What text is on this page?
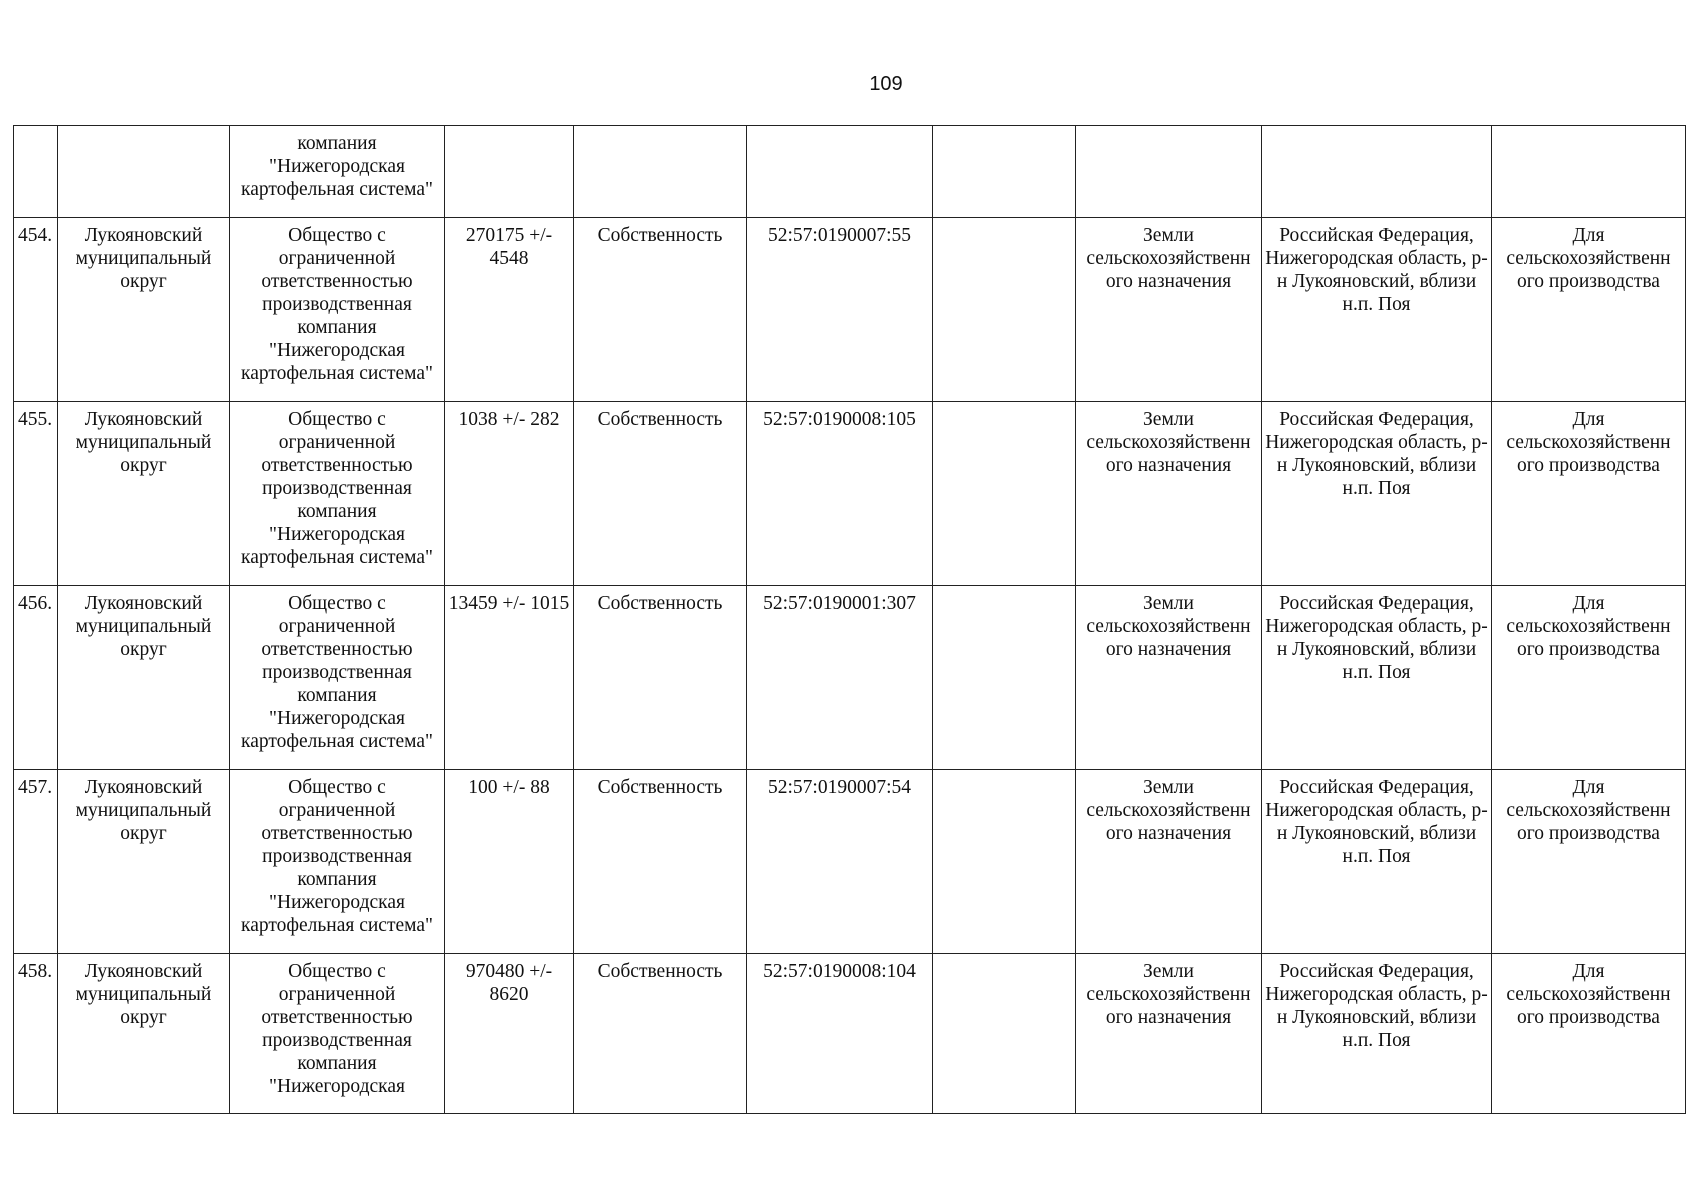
109
		компания "Нижегородская картофельная система"							
454.	Лукояновский муниципальный округ	Общество с ограниченной ответственностью производственная компания "Нижегородская картофельная система"	270175 +/- 4548	Собственность	52:57:0190007:55		Земли сельскохозяйственн ого назначения	Российская Федерация, Нижегородская область, р-н Лукояновский, вблизи н.п. Поя	Для сельскохозяйственн ого производства
455.	Лукояновский муниципальный округ	Общество с ограниченной ответственностью производственная компания "Нижегородская картофельная система"	1038 +/- 282	Собственность	52:57:0190008:105		Земли сельскохозяйственн ого назначения	Российская Федерация, Нижегородская область, р-н Лукояновский, вблизи н.п. Поя	Для сельскохозяйственн ого производства
456.	Лукояновский муниципальный округ	Общество с ограниченной ответственностью производственная компания "Нижегородская картофельная система"	13459 +/- 1015	Собственность	52:57:0190001:307		Земли сельскохозяйственн ого назначения	Российская Федерация, Нижегородская область, р-н Лукояновский, вблизи н.п. Поя	Для сельскохозяйственн ого производства
457.	Лукояновский муниципальный округ	Общество с ограниченной ответственностью производственная компания "Нижегородская картофельная система"	100 +/- 88	Собственность	52:57:0190007:54		Земли сельскохозяйственн ого назначения	Российская Федерация, Нижегородская область, р-н Лукояновский, вблизи н.п. Поя	Для сельскохозяйственн ого производства
458.	Лукояновский муниципальный округ	Общество с ограниченной ответственностью производственная компания "Нижегородская	970480 +/- 8620	Собственность	52:57:0190008:104		Земли сельскохозяйственн ого назначения	Российская Федерация, Нижегородская область, р-н Лукояновский, вблизи н.п. Поя	Для сельскохозяйственн ого производства
